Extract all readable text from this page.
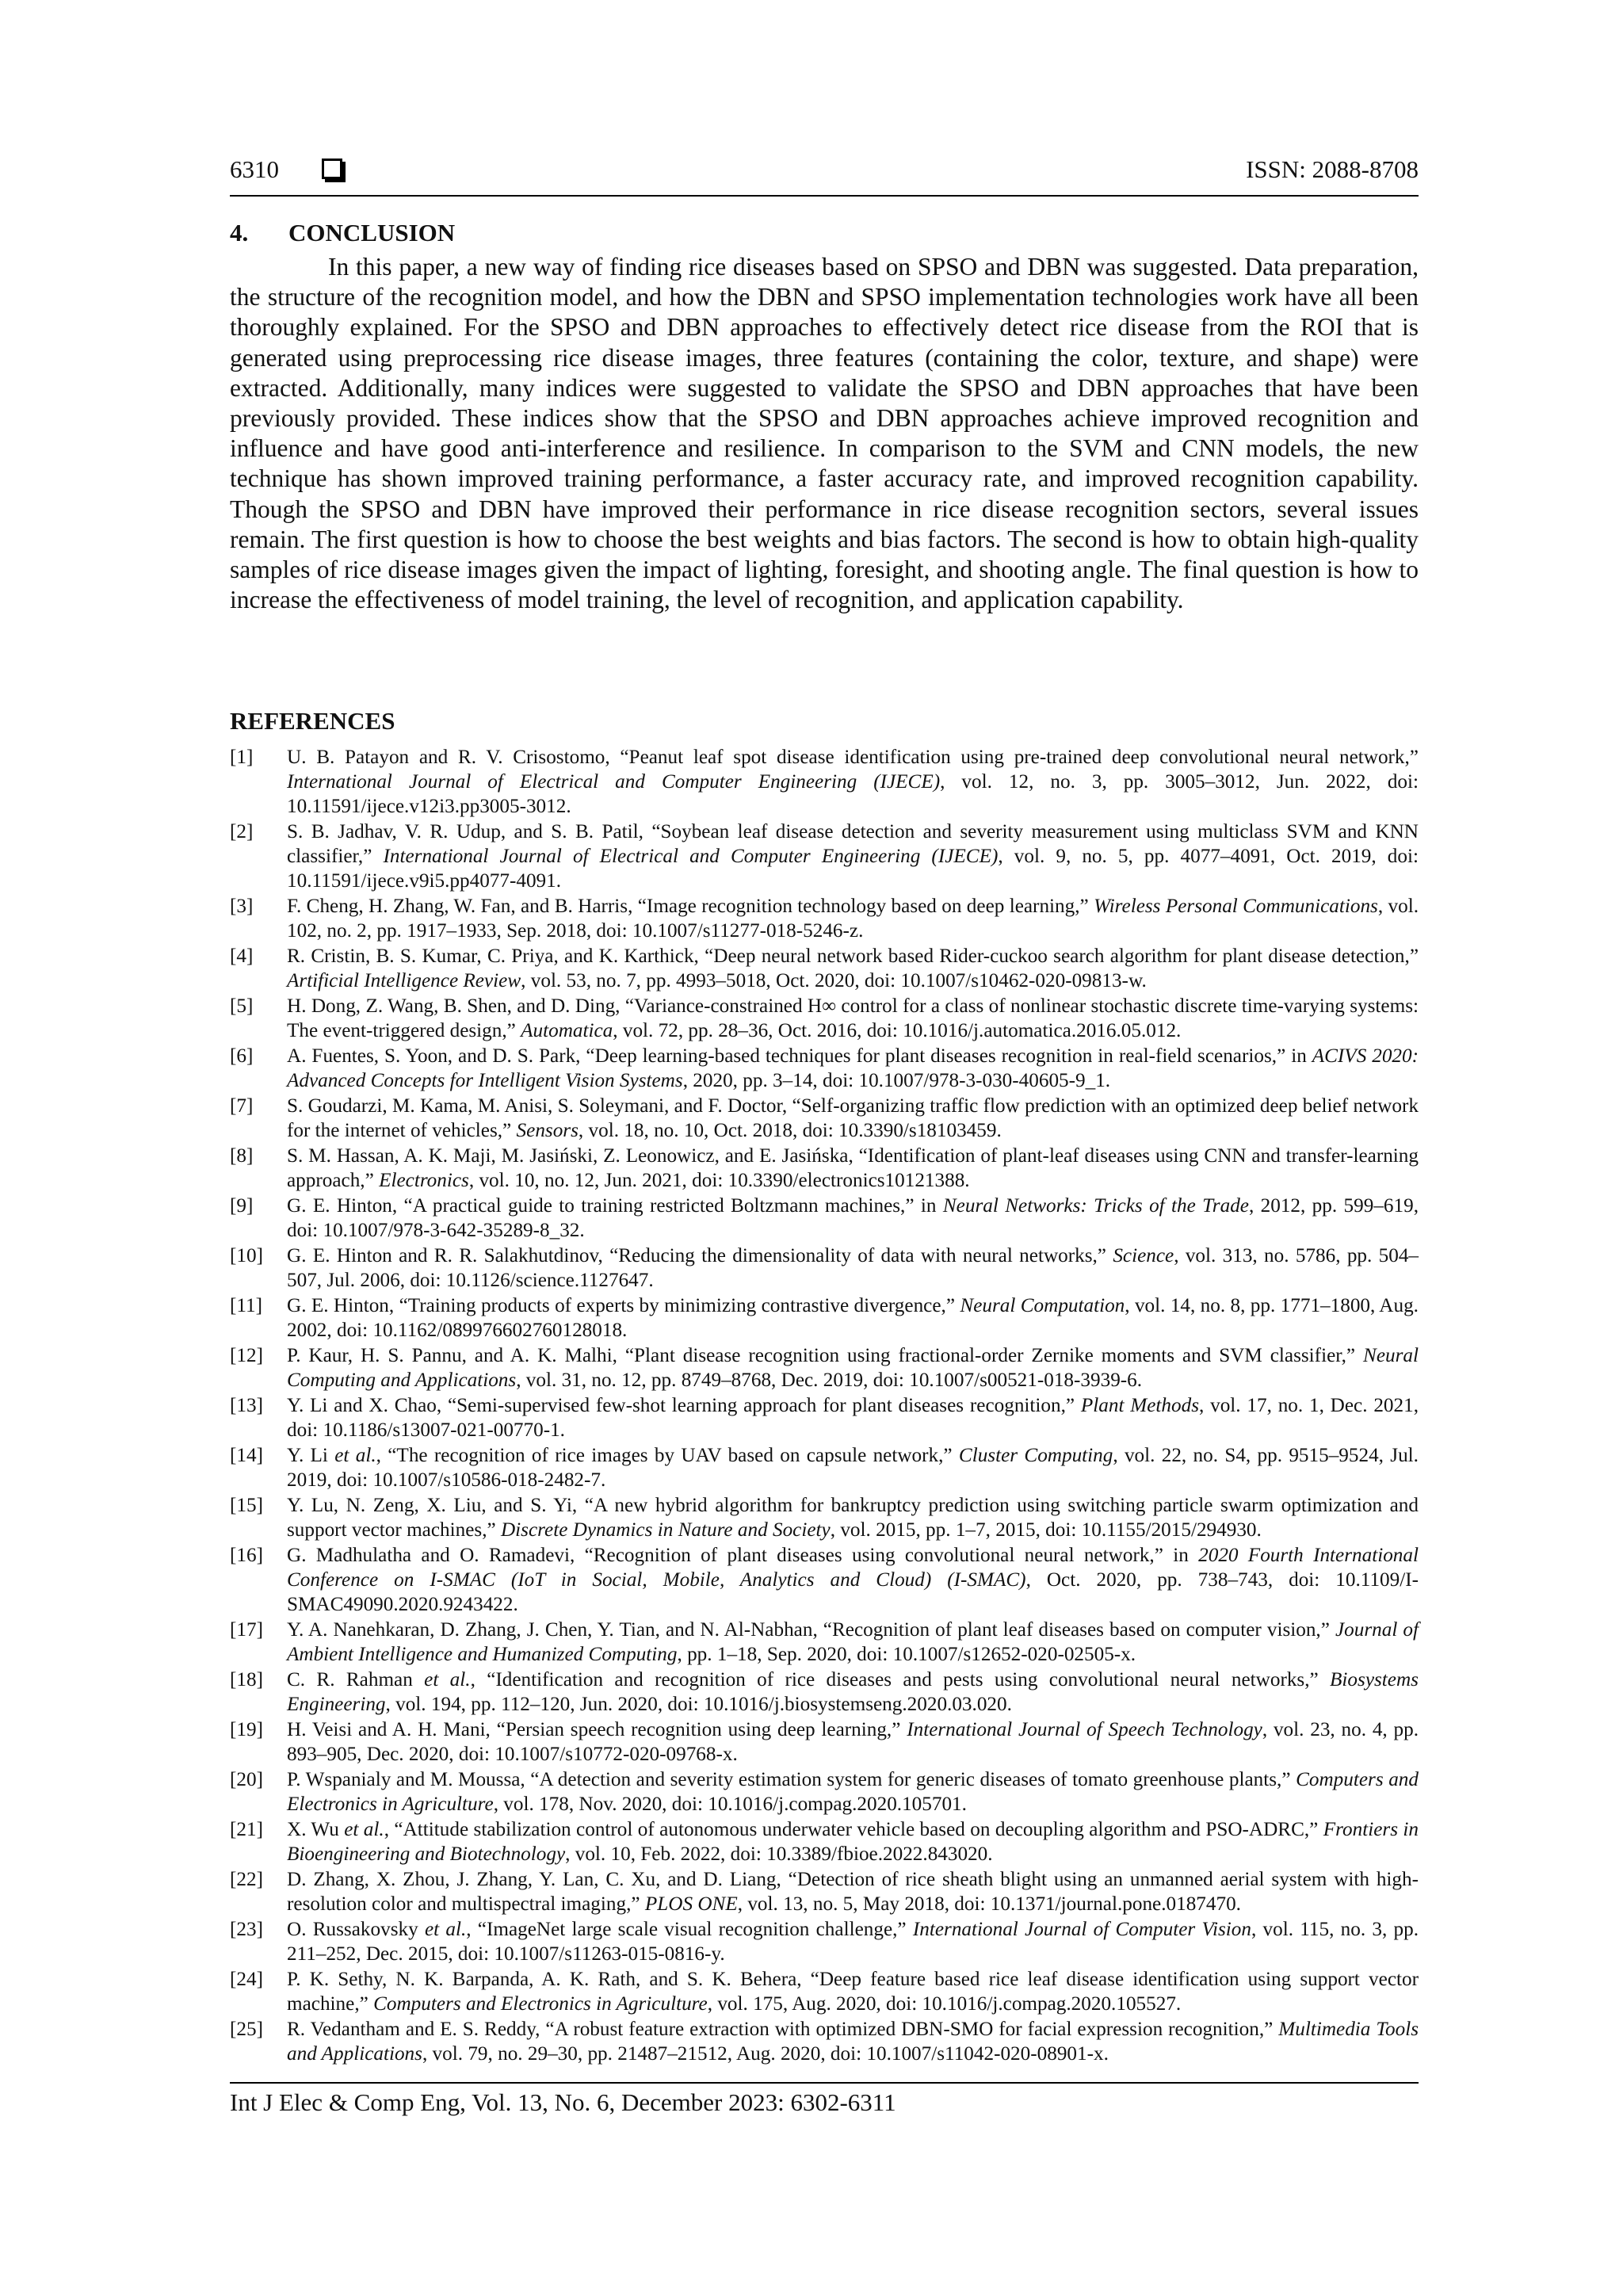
6310	ISSN: 2088-8708
4. CONCLUSION

In this paper, a new way of finding rice diseases based on SPSO and DBN was suggested. Data preparation, the structure of the recognition model, and how the DBN and SPSO implementation technologies work have all been thoroughly explained. For the SPSO and DBN approaches to effectively detect rice disease from the ROI that is generated using preprocessing rice disease images, three features (containing the color, texture, and shape) were extracted. Additionally, many indices were suggested to validate the SPSO and DBN approaches that have been previously provided. These indices show that the SPSO and DBN approaches achieve improved recognition and influence and have good anti-interference and resilience. In comparison to the SVM and CNN models, the new technique has shown improved training performance, a faster accuracy rate, and improved recognition capability. Though the SPSO and DBN have improved their performance in rice disease recognition sectors, several issues remain. The first question is how to choose the best weights and bias factors. The second is how to obtain high-quality samples of rice disease images given the impact of lighting, foresight, and shooting angle. The final question is how to increase the effectiveness of model training, the level of recognition, and application capability.

REFERENCES
[1]	U. B. Patayon and R. V. Crisostomo, “Peanut leaf spot disease identification using pre-trained deep convolutional neural network,” International Journal of Electrical and Computer Engineering (IJECE), vol. 12, no. 3, pp. 3005–3012, Jun. 2022, doi: 10.11591/ijece.v12i3.pp3005-3012.
[2]	S. B. Jadhav, V. R. Udup, and S. B. Patil, “Soybean leaf disease detection and severity measurement using multiclass SVM and KNN classifier,” International Journal of Electrical and Computer Engineering (IJECE), vol. 9, no. 5, pp. 4077–4091, Oct. 2019, doi: 10.11591/ijece.v9i5.pp4077-4091.
[3]	F. Cheng, H. Zhang, W. Fan, and B. Harris, “Image recognition technology based on deep learning,” Wireless Personal Communications, vol. 102, no. 2, pp. 1917–1933, Sep. 2018, doi: 10.1007/s11277-018-5246-z.
[4]	R. Cristin, B. S. Kumar, C. Priya, and K. Karthick, “Deep neural network based Rider-cuckoo search algorithm for plant disease detection,” Artificial Intelligence Review, vol. 53, no. 7, pp. 4993–5018, Oct. 2020, doi: 10.1007/s10462-020-09813-w.
[5]	H. Dong, Z. Wang, B. Shen, and D. Ding, “Variance-constrained H∞ control for a class of nonlinear stochastic discrete time-varying systems: The event-triggered design,” Automatica, vol. 72, pp. 28–36, Oct. 2016, doi: 10.1016/j.automatica.2016.05.012.
[6]	A. Fuentes, S. Yoon, and D. S. Park, “Deep learning-based techniques for plant diseases recognition in real-field scenarios,” in ACIVS 2020: Advanced Concepts for Intelligent Vision Systems, 2020, pp. 3–14, doi: 10.1007/978-3-030-40605-9_1.
[7]	S. Goudarzi, M. Kama, M. Anisi, S. Soleymani, and F. Doctor, “Self-organizing traffic flow prediction with an optimized deep belief network for the internet of vehicles,” Sensors, vol. 18, no. 10, Oct. 2018, doi: 10.3390/s18103459.
[8]	S. M. Hassan, A. K. Maji, M. Jasiński, Z. Leonowicz, and E. Jasińska, “Identification of plant-leaf diseases using CNN and transfer-learning approach,” Electronics, vol. 10, no. 12, Jun. 2021, doi: 10.3390/electronics10121388.
[9]	G. E. Hinton, “A practical guide to training restricted Boltzmann machines,” in Neural Networks: Tricks of the Trade, 2012, pp. 599–619, doi: 10.1007/978-3-642-35289-8_32.
[10]	G. E. Hinton and R. R. Salakhutdinov, “Reducing the dimensionality of data with neural networks,” Science, vol. 313, no. 5786, pp. 504–507, Jul. 2006, doi: 10.1126/science.1127647.
[11]	G. E. Hinton, “Training products of experts by minimizing contrastive divergence,” Neural Computation, vol. 14, no. 8, pp. 1771–1800, Aug. 2002, doi: 10.1162/089976602760128018.
[12]	P. Kaur, H. S. Pannu, and A. K. Malhi, “Plant disease recognition using fractional-order Zernike moments and SVM classifier,” Neural Computing and Applications, vol. 31, no. 12, pp. 8749–8768, Dec. 2019, doi: 10.1007/s00521-018-3939-6.
[13]	Y. Li and X. Chao, “Semi-supervised few-shot learning approach for plant diseases recognition,” Plant Methods, vol. 17, no. 1, Dec. 2021, doi: 10.1186/s13007-021-00770-1.
[14]	Y. Li et al., “The recognition of rice images by UAV based on capsule network,” Cluster Computing, vol. 22, no. S4, pp. 9515–9524, Jul. 2019, doi: 10.1007/s10586-018-2482-7.
[15]	Y. Lu, N. Zeng, X. Liu, and S. Yi, “A new hybrid algorithm for bankruptcy prediction using switching particle swarm optimization and support vector machines,” Discrete Dynamics in Nature and Society, vol. 2015, pp. 1–7, 2015, doi: 10.1155/2015/294930.
[16]	G. Madhulatha and O. Ramadevi, “Recognition of plant diseases using convolutional neural network,” in 2020 Fourth International Conference on I-SMAC (IoT in Social, Mobile, Analytics and Cloud) (I-SMAC), Oct. 2020, pp. 738–743, doi: 10.1109/I-SMAC49090.2020.9243422.
[17]	Y. A. Nanehkaran, D. Zhang, J. Chen, Y. Tian, and N. Al-Nabhan, “Recognition of plant leaf diseases based on computer vision,” Journal of Ambient Intelligence and Humanized Computing, pp. 1–18, Sep. 2020, doi: 10.1007/s12652-020-02505-x.
[18]	C. R. Rahman et al., “Identification and recognition of rice diseases and pests using convolutional neural networks,” Biosystems Engineering, vol. 194, pp. 112–120, Jun. 2020, doi: 10.1016/j.biosystemseng.2020.03.020.
[19]	H. Veisi and A. H. Mani, “Persian speech recognition using deep learning,” International Journal of Speech Technology, vol. 23, no. 4, pp. 893–905, Dec. 2020, doi: 10.1007/s10772-020-09768-x.
[20]	P. Wspanialy and M. Moussa, “A detection and severity estimation system for generic diseases of tomato greenhouse plants,” Computers and Electronics in Agriculture, vol. 178, Nov. 2020, doi: 10.1016/j.compag.2020.105701.
[21]	X. Wu et al., “Attitude stabilization control of autonomous underwater vehicle based on decoupling algorithm and PSO-ADRC,” Frontiers in Bioengineering and Biotechnology, vol. 10, Feb. 2022, doi: 10.3389/fbioe.2022.843020.
[22]	D. Zhang, X. Zhou, J. Zhang, Y. Lan, C. Xu, and D. Liang, “Detection of rice sheath blight using an unmanned aerial system with high-resolution color and multispectral imaging,” PLOS ONE, vol. 13, no. 5, May 2018, doi: 10.1371/journal.pone.0187470.
[23]	O. Russakovsky et al., “ImageNet large scale visual recognition challenge,” International Journal of Computer Vision, vol. 115, no. 3, pp. 211–252, Dec. 2015, doi: 10.1007/s11263-015-0816-y.
[24]	P. K. Sethy, N. K. Barpanda, A. K. Rath, and S. K. Behera, “Deep feature based rice leaf disease identification using support vector machine,” Computers and Electronics in Agriculture, vol. 175, Aug. 2020, doi: 10.1016/j.compag.2020.105527.
[25]	R. Vedantham and E. S. Reddy, “A robust feature extraction with optimized DBN-SMO for facial expression recognition,” Multimedia Tools and Applications, vol. 79, no. 29–30, pp. 21487–21512, Aug. 2020, doi: 10.1007/s11042-020-08901-x.
Int J Elec & Comp Eng, Vol. 13, No. 6, December 2023: 6302-6311
